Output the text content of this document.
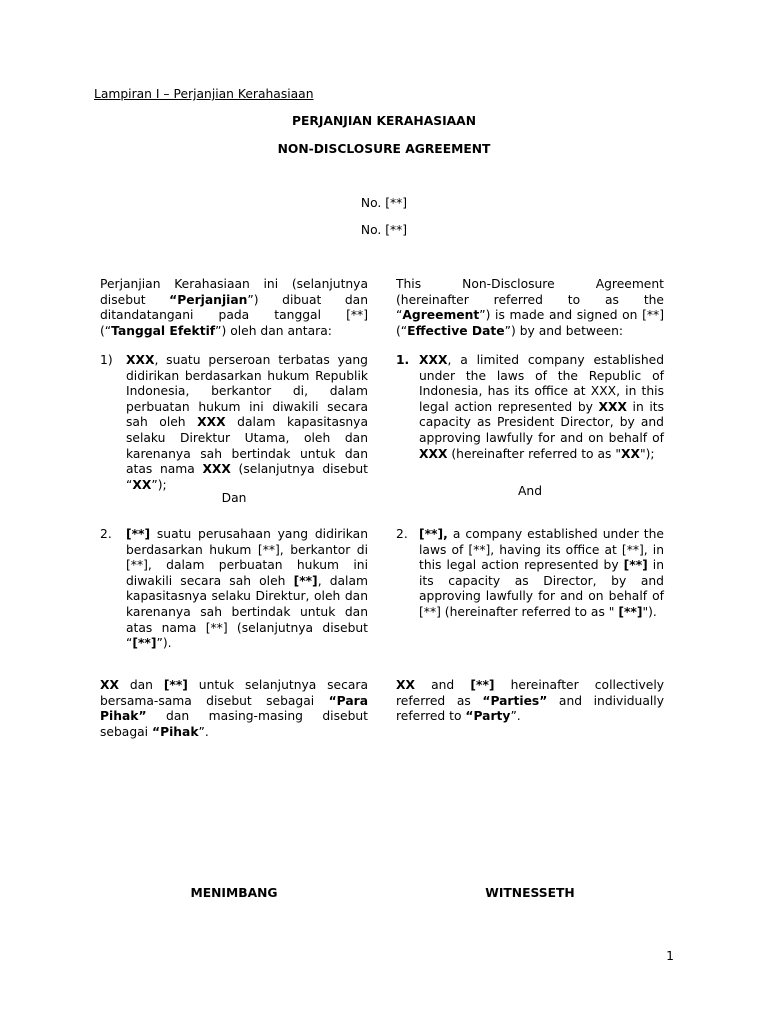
Lampiran I – Perjanjian Kerahasiaan
PERJANJIAN KERAHASIAAN
NON-DISCLOSURE AGREEMENT
No. [**]
No. [**]
Perjanjian Kerahasiaan ini (selanjutnya disebut “Perjanjian”) dibuat dan ditandatangani pada tanggal [**] (“Tanggal Efektif”) oleh dan antara:
This Non-Disclosure Agreement (hereinafter referred to as the “Agreement”) is made and signed on [**] (“Effective Date”) by and between:
1) XXX, suatu perseroan terbatas yang didirikan berdasarkan hukum Republik Indonesia, berkantor di, dalam perbuatan hukum ini diwakili secara sah oleh XXX dalam kapasitasnya selaku Direktur Utama, oleh dan karenanya sah bertindak untuk dan atas nama XXX (selanjutnya disebut “XX”);
1. XXX, a limited company established under the laws of the Republic of Indonesia, has its office at XXX, in this legal action represented by XXX in its capacity as President Director, by and approving lawfully for and on behalf of XXX (hereinafter referred to as "XX");
Dan	And
2. [**] suatu perusahaan yang didirikan berdasarkan hukum [**], berkantor di [**], dalam perbuatan hukum ini diwakili secara sah oleh [**], dalam kapasitasnya selaku Direktur, oleh dan karenanya sah bertindak untuk dan atas nama [**] (selanjutnya disebut “[**]”).
2. [**], a company established under the laws of [**], having its office at [**], in this legal action represented by [**] in its capacity as Director, by and approving lawfully for and on behalf of [**] (hereinafter referred to as " [**]").
XX dan [**] untuk selanjutnya secara bersama-sama disebut sebagai “Para Pihak” dan masing-masing disebut sebagai “Pihak”.
XX and [**] hereinafter collectively referred as “Parties” and individually referred to “Party”.
MENIMBANG	WITNESSETH
1
